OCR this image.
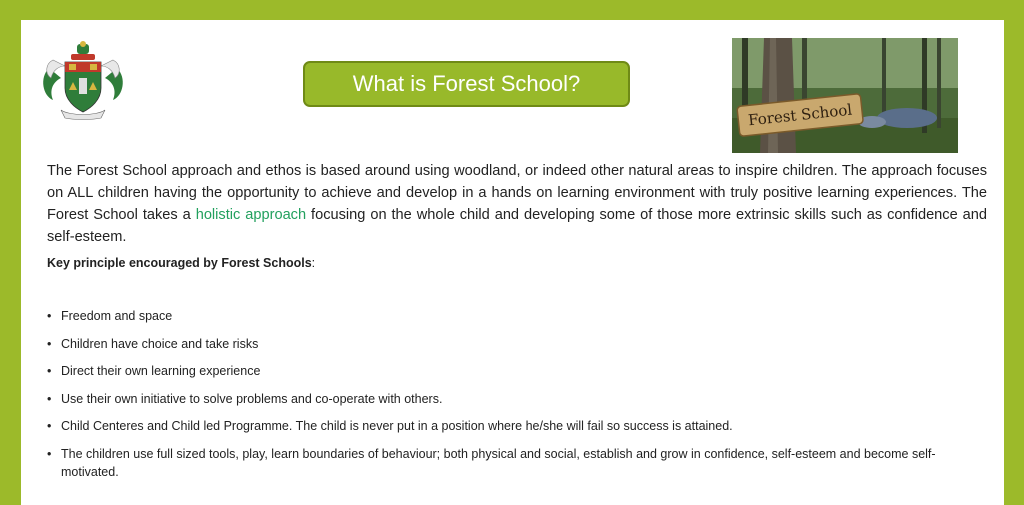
What is Forest School?
Forest School

The Forest School approach and ethos is based around using woodland, or indeed other natural areas to inspire children. The approach focuses on ALL children having the opportunity to achieve and develop in a hands on learning environment with truly positive learning experiences. The Forest School takes a holistic approach focusing on the whole child and developing some of those more extrinsic skills such as confidence and self-esteem.

Key principle encouraged by Forest Schools:

• Freedom and space
• Children have choice and take risks
• Direct their own learning experience
• Use their own initiative to solve problems and co-operate with others.
• Child Centeres and Child led Programme. The child is never put in a position where he/she will fail so success is attained.
• The children use full sized tools, play, learn boundaries of behaviour; both physical and social, establish and grow in confidence, self-esteem and become self-motivated.
